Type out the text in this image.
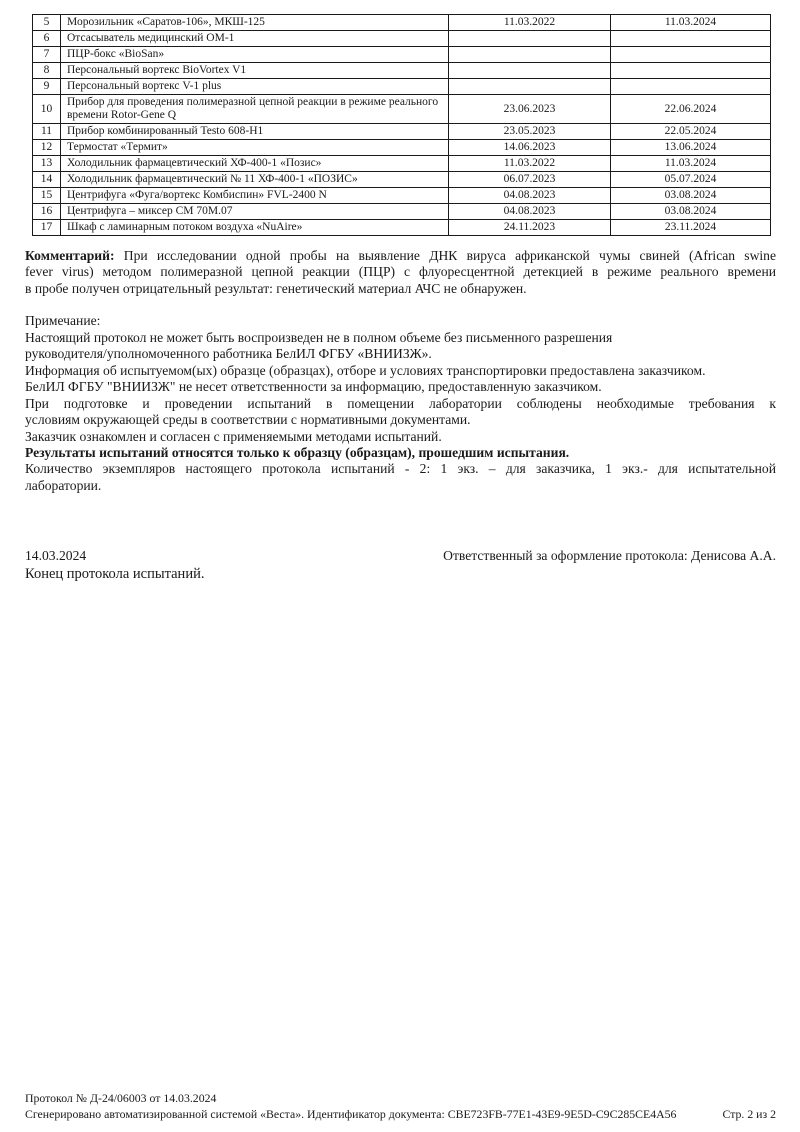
5	Морозильник «Саратов-106», МКШ-125	11.03.2022	11.03.2024
6	Отсасыватель медицинский ОМ-1		
7	ПЦР-бокс «BioSan»		
8	Персональный вортекс BioVortex V1		
9	Персональный вортекс V-1 plus		
10	Прибор для проведения полимеразной цепной реакции в режиме реального времени Rotor-Gene Q	23.06.2023	22.06.2024
11	Прибор комбинированный Testo 608-H1	23.05.2023	22.05.2024
12	Термостат «Термит»	14.06.2023	13.06.2024
13	Холодильник фармацевтический ХФ-400-1 «Позис»	11.03.2022	11.03.2024
14	Холодильник фармацевтический № 11 ХФ-400-1 «ПОЗИС»	06.07.2023	05.07.2024
15	Центрифуга «Фуга/вортекс Комбиспин» FVL-2400 N	04.08.2023	03.08.2024
16	Центрифуга – миксер СМ 70М.07	04.08.2023	03.08.2024
17	Шкаф с ламинарным потоком воздуха «NuAire»	24.11.2023	23.11.2024
Комментарий: При исследовании одной пробы на выявление ДНК вируса африканской чумы свиней (African swine
fever virus) методом полимеразной цепной реакции (ПЦР) с флуоресцентной детекцией в режиме реального времени
в пробе получен отрицательный результат: генетический материал АЧС не обнаружен.
Примечание:
Настоящий протокол не может быть воспроизведен не в полном объеме без письменного разрешения
руководителя/уполномоченного работника БелИЛ ФГБУ «ВНИИЗЖ».
Информация об испытуемом(ых) образце (образцах), отборе и условиях транспортировки предоставлена заказчиком.
БелИЛ ФГБУ "ВНИИЗЖ" не несет ответственности за информацию, предоставленную заказчиком.
При подготовке и проведении испытаний в помещении лаборатории соблюдены необходимые требования к
условиям окружающей среды в соответствии с нормативными документами.
Заказчик ознакомлен и согласен с применяемыми методами испытаний.
Результаты испытаний относятся только к образцу (образцам), прошедшим испытания.
Количество экземпляров настоящего протокола испытаний - 2: 1 экз. – для заказчика, 1 экз.- для испытательной
лаборатории.
14.03.2024	Ответственный за оформление протокола: Денисова А.А.
Конец протокола испытаний.
Протокол № Д-24/06003 от 14.03.2024
Сгенерировано автоматизированной системой «Веста». Идентификатор документа: CBE723FB-77E1-43E9-9E5D-C9C285CE4A56	Стр. 2 из 2
